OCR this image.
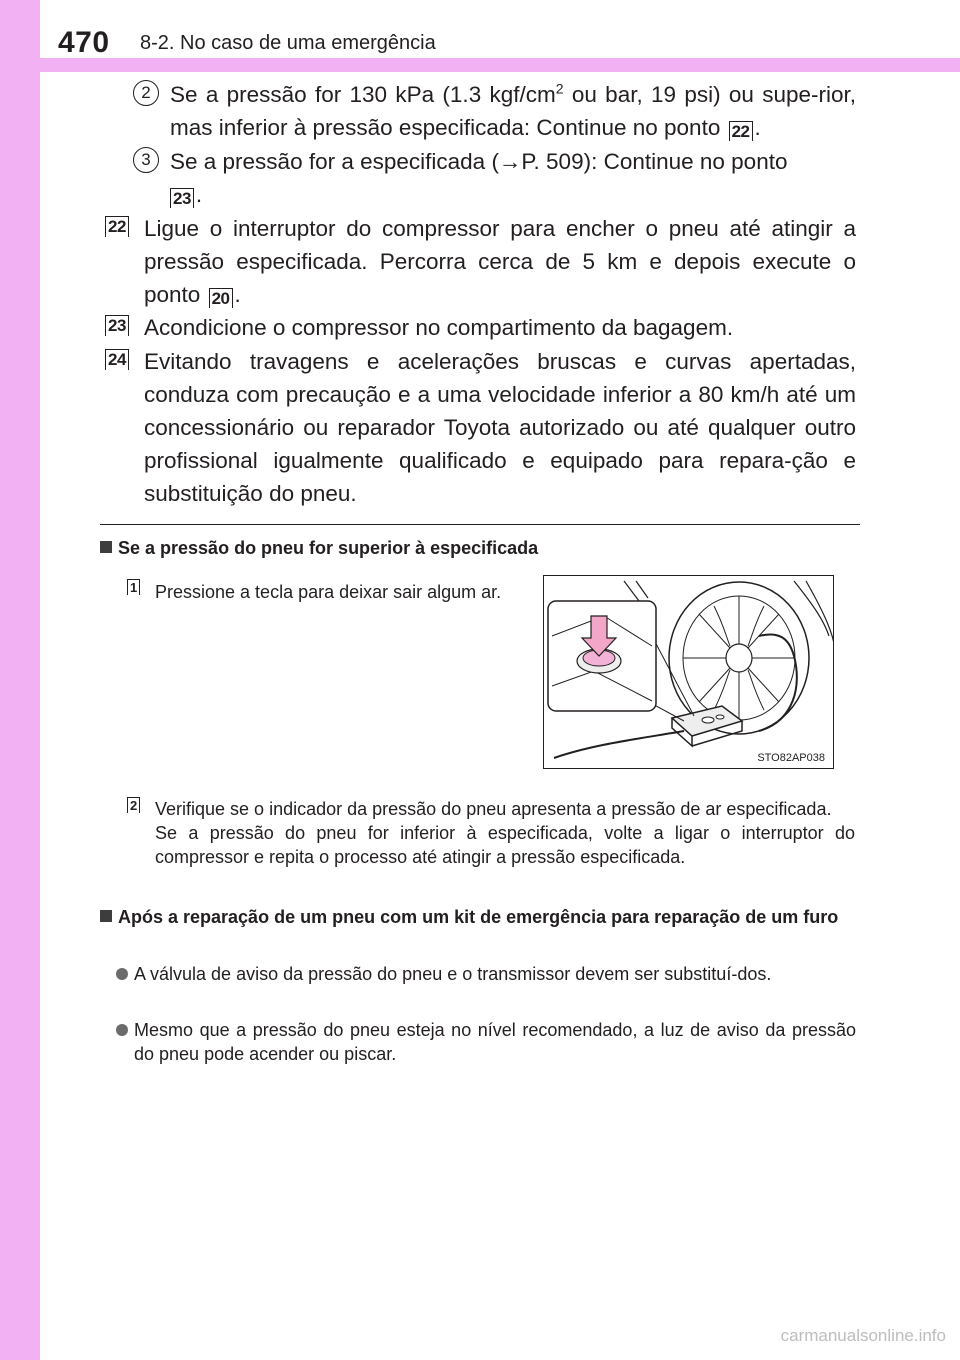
470 8-2. No caso de uma emergência
2 Se a pressão for 130 kPa (1.3 kgf/$cm^2$ ou bar, 19 psi) ou supe-rior, mas inferior à pressão especificada: Continue no ponto 22 .
3 Se a pressão for a especificada (→P. 509): Continue no ponto
23 .
22 Ligue o interruptor do compressor para encher o pneu até atingir a pressão especificada. Percorra cerca de 5 km e depois execute o ponto 20 .
23 Acondicione o compressor no compartimento da bagagem.
24 Evitando travagens e acelerações bruscas e curvas apertadas, conduza com precaução e a uma velocidade inferior a 80 km/h até um concessionário ou reparador Toyota autorizado ou até qualquer outro profissional igualmente qualificado e equipado para repara-ção e substituição do pneu.
Se a pressão do pneu for superior à especificada
1 Pressione a tecla para deixar sair algum ar.
STO82AP038
2 Verifique se o indicador da pressão do pneu apresenta a pressão de ar especificada.
Se a pressão do pneu for inferior à especificada, volte a ligar o interruptor do compressor e repita o processo até atingir a pressão especificada.
Após a reparação de um pneu com um kit de emergência para reparação de um furo
A válvula de aviso da pressão do pneu e o transmissor devem ser substituí-dos.
Mesmo que a pressão do pneu esteja no nível recomendado, a luz de aviso da pressão do pneu pode acender ou piscar.
carmanualsonline.info
